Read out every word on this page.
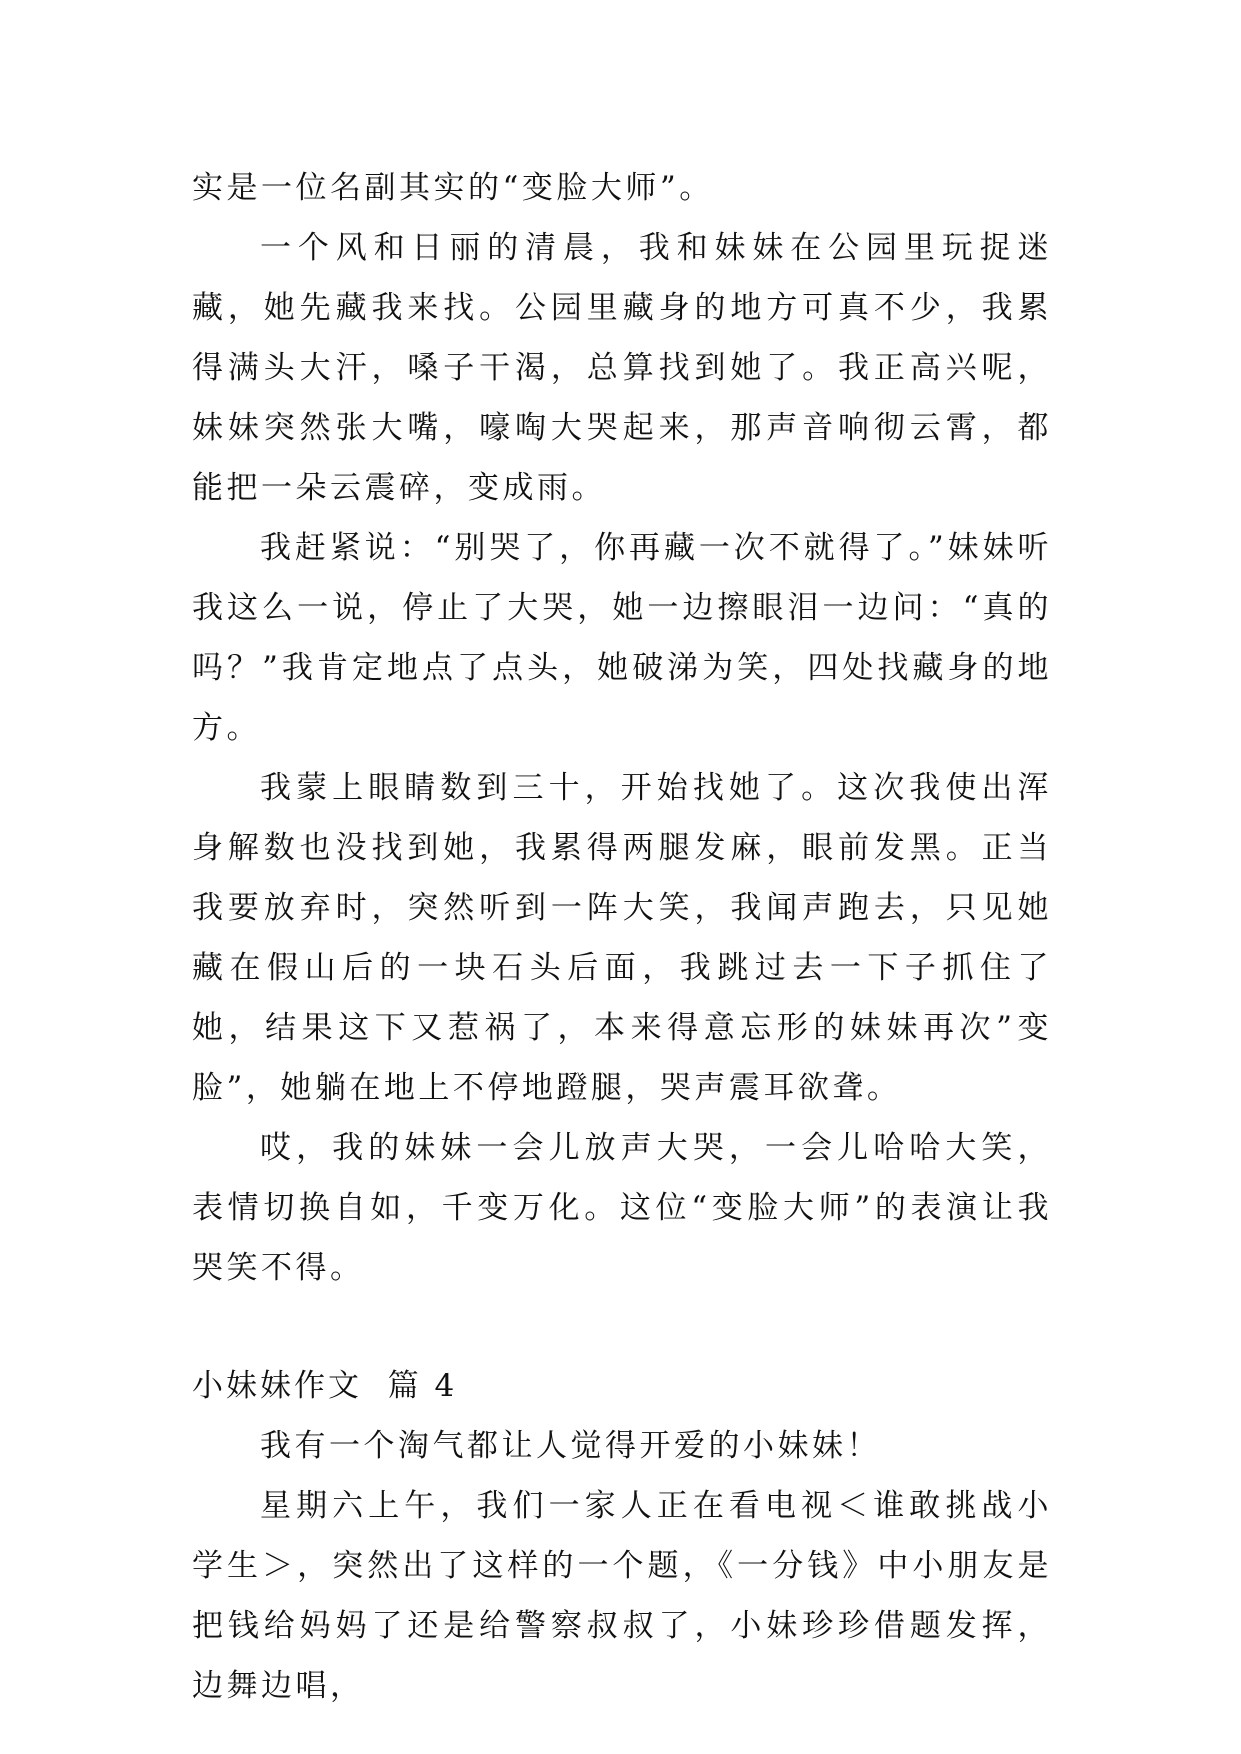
实是一位名副其实的“变脸大师”。

一个风和日丽的清晨，我和妹妹在公园里玩捉迷藏，她先藏我来找。公园里藏身的地方可真不少，我累得满头大汗，嗓子干渴，总算找到她了。我正高兴呢，妹妹突然张大嘴，嚎啕大哭起来，那声音响彻云霄，都能把一朵云震碎，变成雨。

我赶紧说：“别哭了，你再藏一次不就得了。”妹妹听我这么一说，停止了大哭，她一边擦眼泪一边问：“真的吗？”我肯定地点了点头，她破涕为笑，四处找藏身的地方。

我蒙上眼睛数到三十，开始找她了。这次我使出浑身解数也没找到她，我累得两腿发麻，眼前发黑。正当我要放弃时，突然听到一阵大笑，我闻声跑去，只见她藏在假山后的一块石头后面，我跳过去一下子抓住了她，结果这下又惹祸了，本来得意忘形的妹妹再次”变脸”，她躺在地上不停地蹬腿，哭声震耳欲聋。

哎，我的妹妹一会儿放声大哭，一会儿哈哈大笑，表情切换自如，千变万化。这位“变脸大师”的表演让我哭笑不得。

小妹妹作文  篇 4

我有一个淘气都让人觉得开爱的小妹妹！

星期六上午，我们一家人正在看电视＜谁敢挑战小学生＞，突然出了这样的一个题，《一分钱》中小朋友是把钱给妈妈了还是给警察叔叔了，小妹珍珍借题发挥，边舞边唱，
